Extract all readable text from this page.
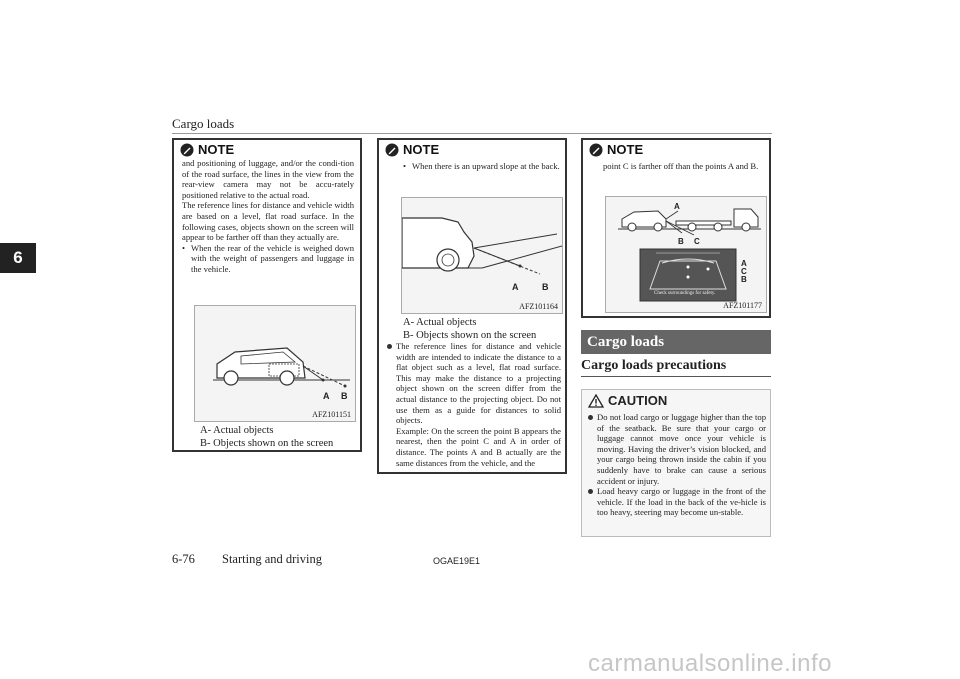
Cargo loads
6
NOTE

and positioning of luggage, and/or the condi-tion of the road surface, the lines in the view from the rear-view camera may not be accu-rately positioned relative to the actual road.

The reference lines for distance and vehicle width are based on a level, flat road surface. In the following cases, objects shown on the screen will appear to be farther off than they actually are.

• When the rear of the vehicle is weighed down with the weight of passengers and luggage in the vehicle.

A B
AFZ101151
A- Actual objects
B- Objects shown on the screen
NOTE

• When there is an upward slope at the back.

A	B
AFZ101164
A- Actual objects
B- Objects shown on the screen

The reference lines for distance and vehicle width are intended to indicate the distance to a flat object such as a level, flat road surface. This may make the distance to a projecting object shown on the screen differ from the actual distance to the projecting object. Do not use them as a guide for distances to solid objects.

Example: On the screen the point B appears the nearest, then the point C and A in order of distance. The points A and B actually are the same distances from the vehicle, and the

NOTE

point C is farther off than the points A and B.

A
B C
A
C
B
Check surroundings for safety.
AFZ101177
Cargo loads
Cargo loads precautions
CAUTION

Do not load cargo or luggage higher than the top of the seatback. Be sure that your cargo or luggage cannot move once your vehicle is moving. Having the driver’s vision blocked, and your cargo being thrown inside the cabin if you suddenly have to brake can cause a serious accident or injury.

Load heavy cargo or luggage in the front of the vehicle. If the load in the back of the ve-hicle is too heavy, steering may become un-stable.

6-76 Starting and driving	OGAE19E1
carmanualsonline.info
